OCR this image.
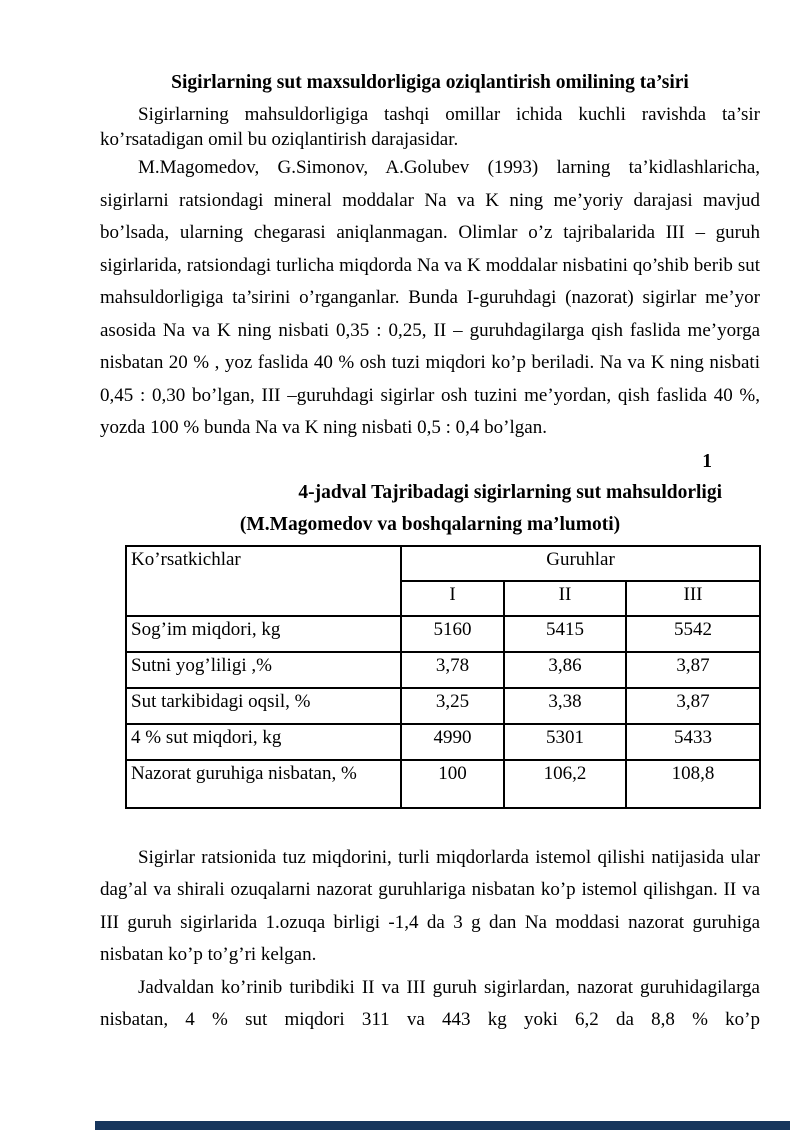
Sigirlarning sut maxsuldorligiga oziqlantirish omilining ta’siri

Sigirlarning mahsuldorligiga tashqi omillar ichida kuchli ravishda ta’sir ko’rsatadigan omil bu oziqlantirish darajasidar.

M.Magomedov, G.Simonov, A.Golubev (1993) larning ta’kidlashlaricha, sigirlarni ratsiondagi mineral moddalar Na va K ning me’yoriy darajasi mavjud bo’lsada, ularning chegarasi aniqlanmagan. Olimlar o’z tajribalarida III – guruh sigirlarida, ratsiondagi turlicha miqdorda Na va K moddalar nisbatini qo’shib berib sut mahsuldorligiga ta’sirini o’rganganlar. Bunda I-guruhdagi (nazorat) sigirlar me’yor asosida Na va K ning nisbati 0,35 : 0,25, II – guruhdagilarga qish faslida me’yorga nisbatan 20 % , yoz faslida 40 % osh tuzi miqdori ko’p beriladi. Na va K ning nisbati 0,45 : 0,30 bo’lgan, III –guruhdagi sigirlar osh tuzini me’yordan, qish faslida 40 %, yozda 100 % bunda Na va K ning nisbati 0,5 : 0,4 bo’lgan.

1
4-jadval Tajribadagi sigirlarning sut mahsuldorligi
(M.Magomedov va boshqalarning ma’lumoti)
Ko’rsatkichlar	Guruhlar		
	I	II	III
Sog’im miqdori, kg	5160	5415	5542
Sutni yog’liligi ,%	3,78	3,86	3,87
Sut tarkibidagi oqsil, %	3,25	3,38	3,87
4 % sut miqdori, kg	4990	5301	5433
Nazorat guruhiga nisbatan, %	100	106,2	108,8

Sigirlar ratsionida tuz miqdorini, turli miqdorlarda istemol qilishi natijasida ular dag’al va shirali ozuqalarni nazorat guruhlariga nisbatan ko’p istemol qilishgan. II va III guruh sigirlarida 1.ozuqa birligi -1,4 da 3 g dan Na moddasi nazorat guruhiga nisbatan ko’p to’g’ri kelgan.

Jadvaldan ko’rinib turibdiki II va III guruh sigirlardan, nazorat guruhidagilarga nisbatan, 4 % sut miqdori 311 va 443 kg yoki 6,2 da 8,8 % ko’p
